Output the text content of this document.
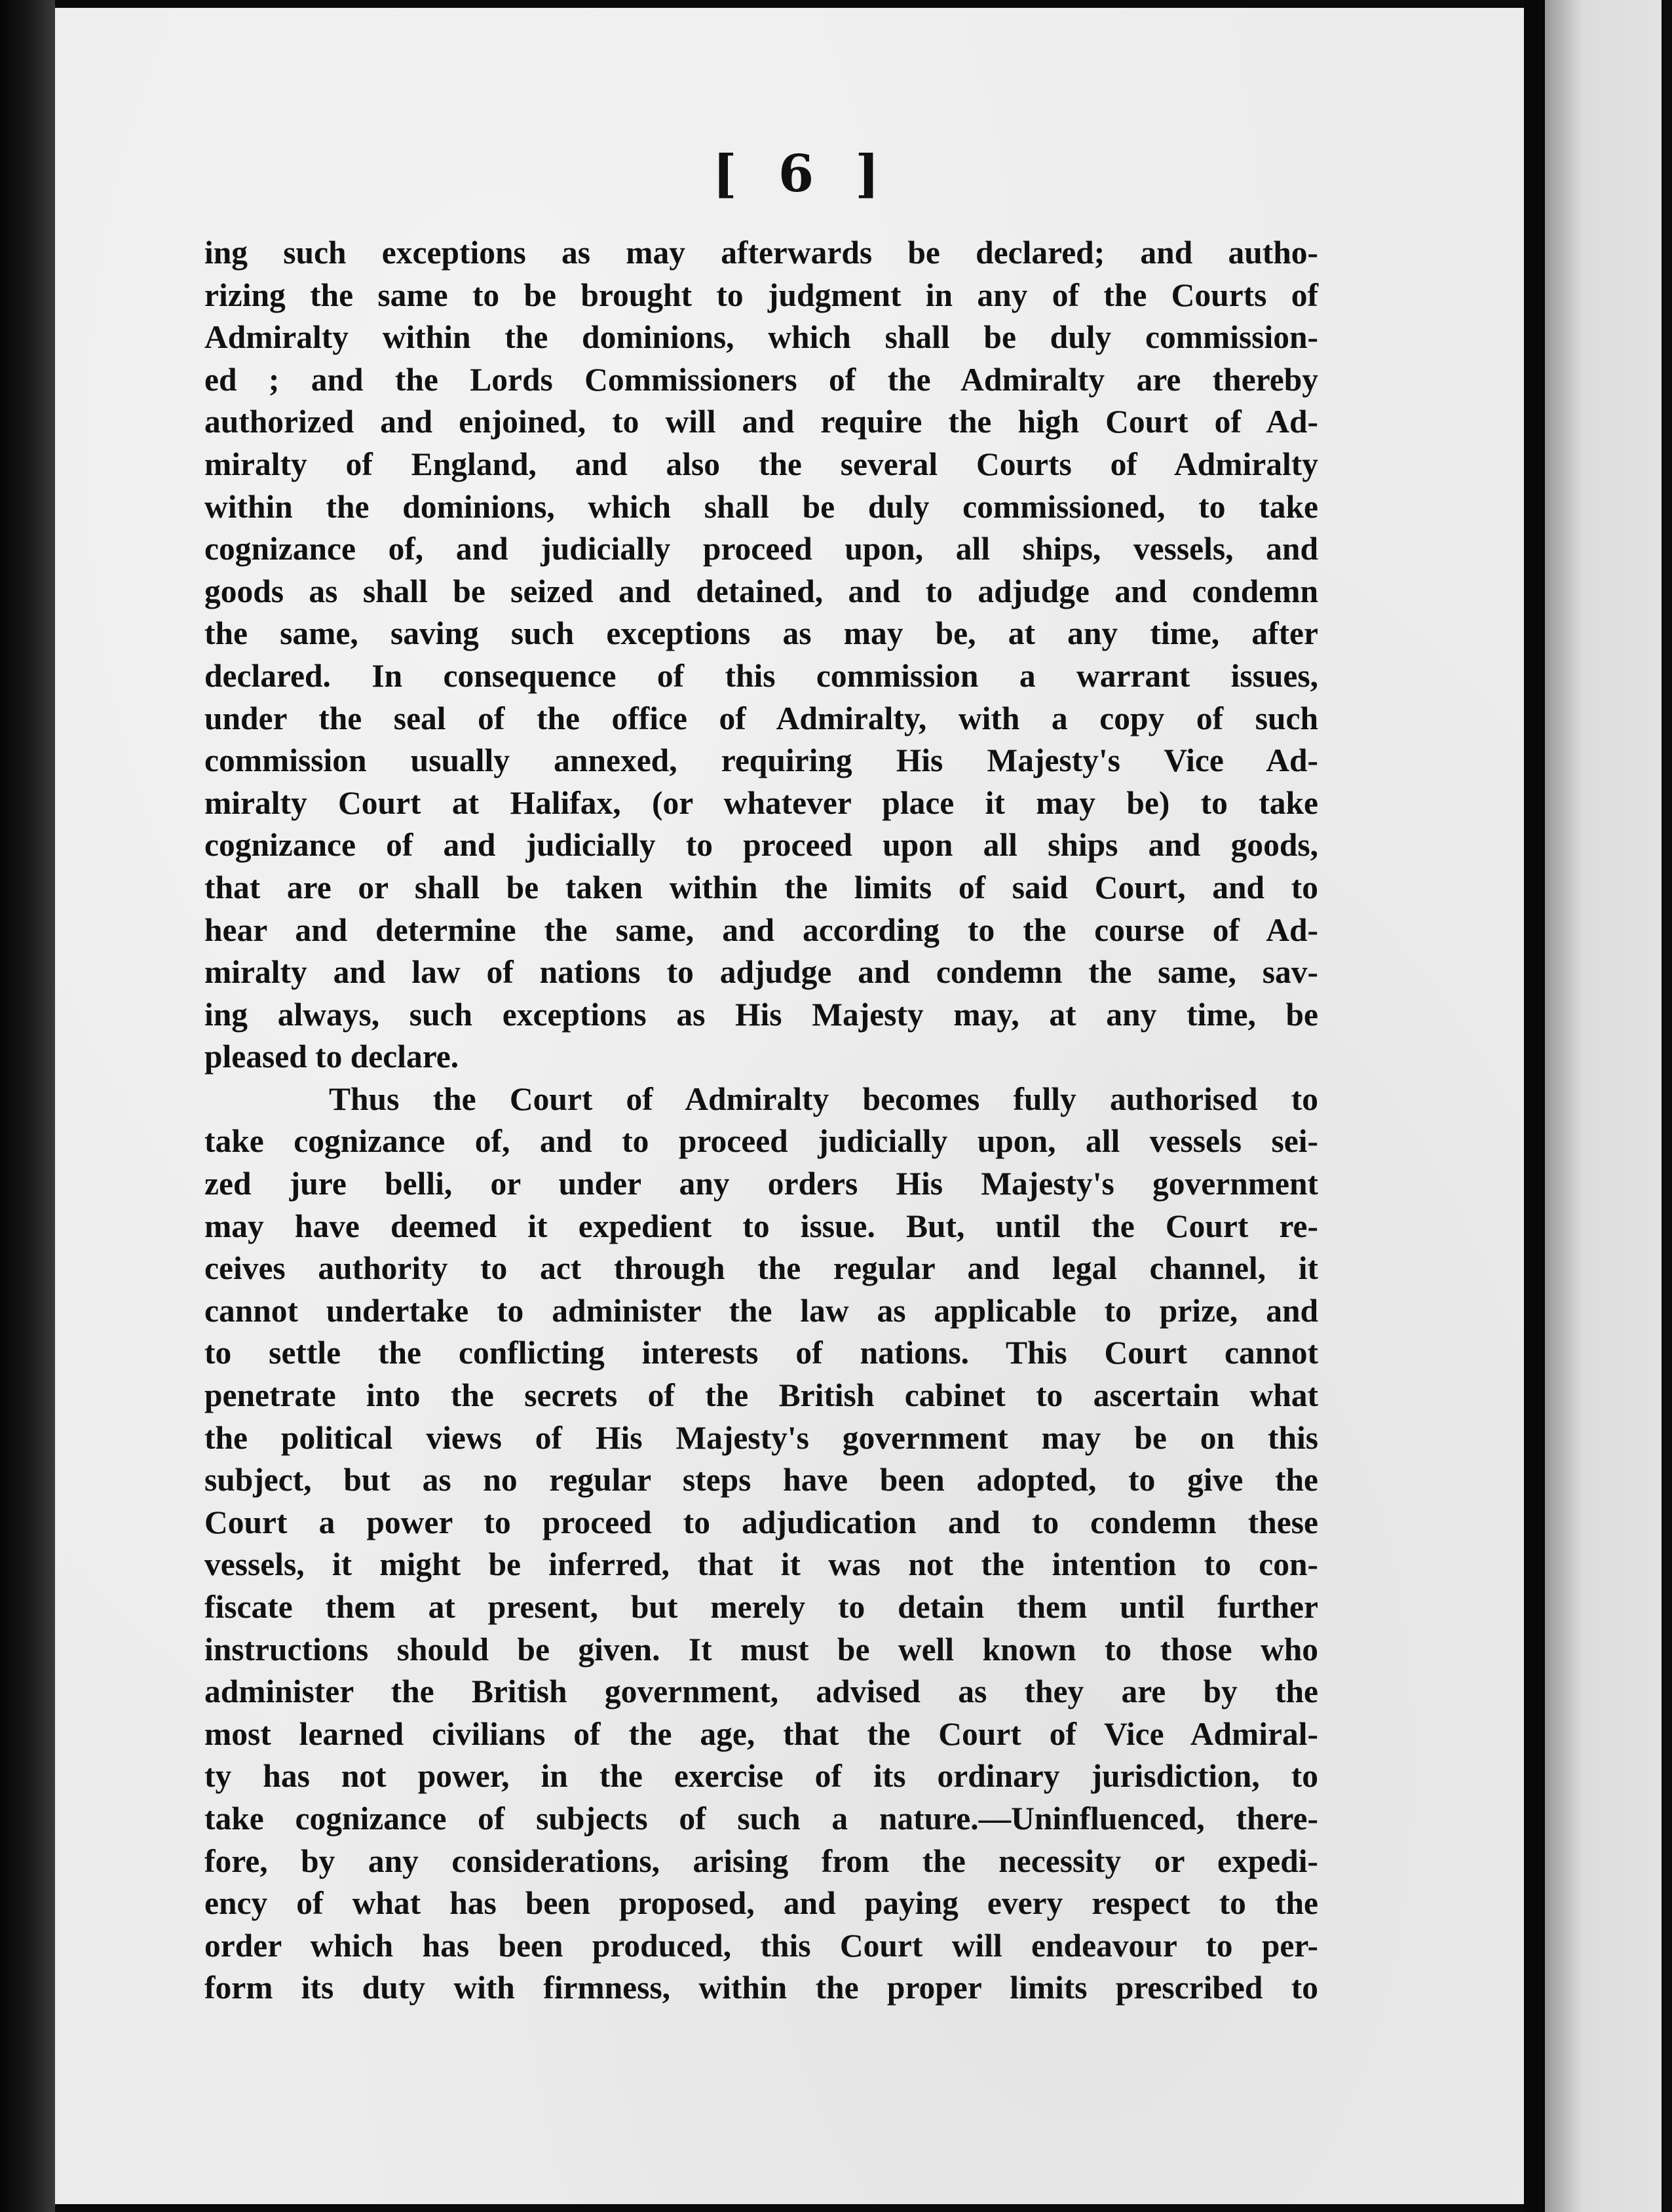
[ 6 ]
ing such exceptions as may afterwards be declared; and autho-
rizing the same to be brought to judgment in any of the Courts of
Admiralty within the dominions, which shall be duly commission-
ed ; and the Lords Commissioners of the Admiralty are thereby
authorized and enjoined, to will and require the high Court of Ad-
miralty of England, and also the several Courts of Admiralty
within the dominions, which shall be duly commissioned, to take
cognizance of, and judicially proceed upon, all ships, vessels, and
goods as shall be seized and detained, and to adjudge and condemn
the same, saving such exceptions as may be, at any time, after
declared. In consequence of this commission a warrant issues,
under the seal of the office of Admiralty, with a copy of such
commission usually annexed, requiring His Majesty's Vice Ad-
miralty Court at Halifax, (or whatever place it may be) to take
cognizance of and judicially to proceed upon all ships and goods,
that are or shall be taken within the limits of said Court, and to
hear and determine the same, and according to the course of Ad-
miralty and law of nations to adjudge and condemn the same, sav-
ing always, such exceptions as His Majesty may, at any time, be
pleased to declare.
Thus the Court of Admiralty becomes fully authorised to
take cognizance of, and to proceed judicially upon, all vessels sei-
zed jure belli, or under any orders His Majesty's government
may have deemed it expedient to issue. But, until the Court re-
ceives authority to act through the regular and legal channel, it
cannot undertake to administer the law as applicable to prize, and
to settle the conflicting interests of nations. This Court cannot
penetrate into the secrets of the British cabinet to ascertain what
the political views of His Majesty's government may be on this
subject, but as no regular steps have been adopted, to give the
Court a power to proceed to adjudication and to condemn these
vessels, it might be inferred, that it was not the intention to con-
fiscate them at present, but merely to detain them until further
instructions should be given. It must be well known to those who
administer the British government, advised as they are by the
most learned civilians of the age, that the Court of Vice Admiral-
ty has not power, in the exercise of its ordinary jurisdiction, to
take cognizance of subjects of such a nature.—Uninfluenced, there-
fore, by any considerations, arising from the necessity or expedi-
ency of what has been proposed, and paying every respect to the
order which has been produced, this Court will endeavour to per-
form its duty with firmness, within the proper limits prescribed to
